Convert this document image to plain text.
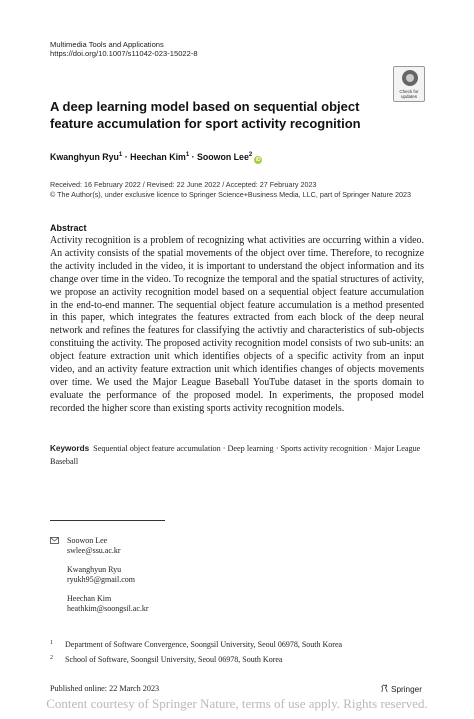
Multimedia Tools and Applications
https://doi.org/10.1007/s11042-023-15022-8
Check for
updates
A deep learning model based on sequential object feature accumulation for sport activity recognition
Kwanghyun Ryu$^1$ · Heechan Kim$^1$ · Soowon Lee$^2$iD
Received: 16 February 2022 / Revised: 22 June 2022 / Accepted: 27 February 2023
© The Author(s), under exclusive licence to Springer Science+Business Media, LLC, part of Springer Nature 2023
Abstract

Activity recognition is a problem of recognizing what activities are occurring within a video. An activity consists of the spatial movements of the object over time. Therefore, to recognize the activity included in the video, it is important to understand the object information and its change over time in the video. To recognize the temporal and the spatial structures of activity, we propose an activity recognition model based on a sequential object feature accumulation in the end-to-end manner. The sequential object feature accumulation is a method presented in this paper, which integrates the features extracted from each block of the deep neural network and refines the features for classifying the activtiy and characteristics of sub-objects constituing the activity. The proposed activity recognition model consists of two sub-units: an object feature extraction unit which identifies objects of a specific activity from an input video, and an activity feature extraction unit which identifies changes of objects movements over time. We used the Major League Baseball YouTube dataset in the sports domain to evaluate the performance of the proposed model. In experiments, the proposed model recorded the higher score than existing sports activity recognition models.

Keywords Sequential object feature accumulation · Deep learning · Sports activity recognition · Major League Baseball
Soowon Lee
swlee@ssu.ac.kr
Kwanghyun Ryu
ryukh95@gmail.com
Heechan Kim
heathkim@soongsil.ac.kr
1 Department of Software Convergence, Soongsil University, Seoul 06978, South Korea
2 School of Software, Soongsil University, Seoul 06978, South Korea
Published online: 22 March 2023	Springer
Content courtesy of Springer Nature, terms of use apply. Rights reserved.
